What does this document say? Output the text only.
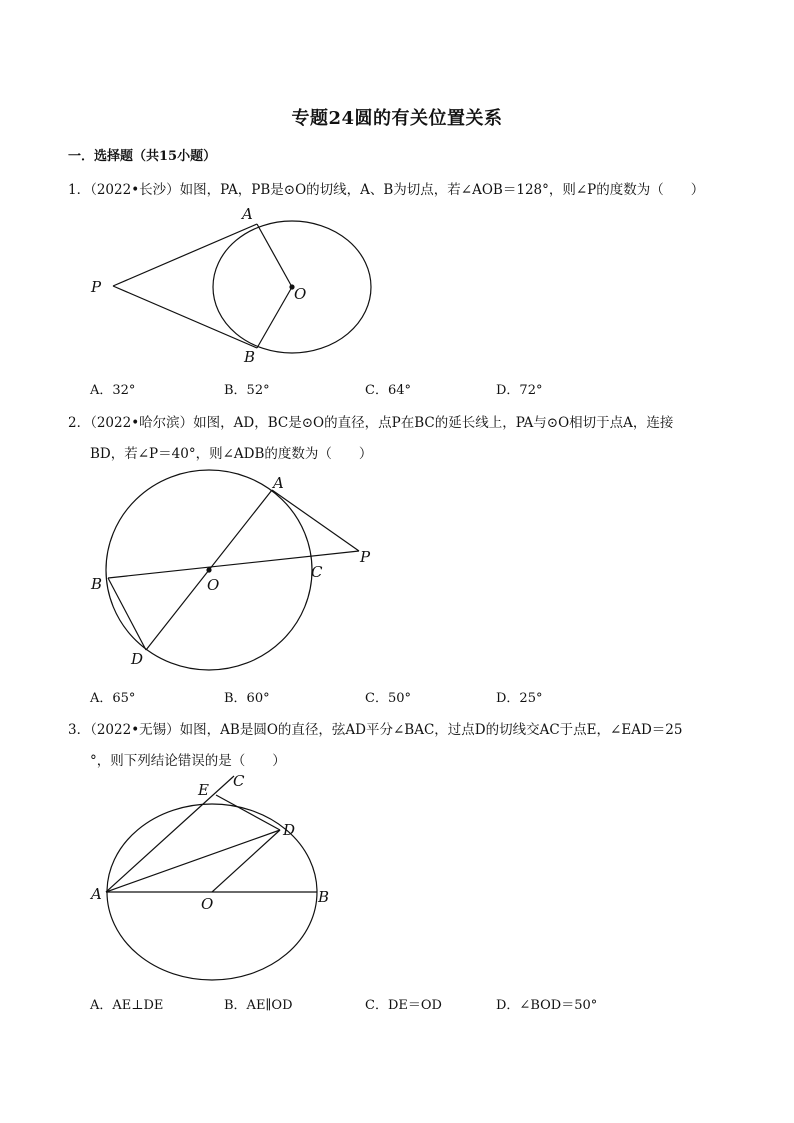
专题24圆的有关位置关系
一．选择题（共15小题）
1．（2022•长沙）如图，PA，PB是⊙O的切线，A、B为切点，若∠AOB＝128°，则∠P的度数为（　　）
A
B
P	O
A．32°	B．52°	C．64°	D．72°
2．（2022•哈尔滨）如图，AD，BC是⊙O的直径，点P在BC的延长线上，PA与⊙O相切于点A，连接
BD，若∠P＝40°，则∠ADB的度数为（　　）
A
B
C
D
O
P
A．65°	B．60°	C．50°	D．25°
3．（2022•无锡）如图，AB是圆O的直径，弦AD平分∠BAC，过点D的切线交AC于点E，∠EAD＝25
°，则下列结论错误的是（　　）
C
E
D
A
O	B
A．AE⊥DE	B．AE∥OD	C．DE＝OD	D．∠BOD＝50°
